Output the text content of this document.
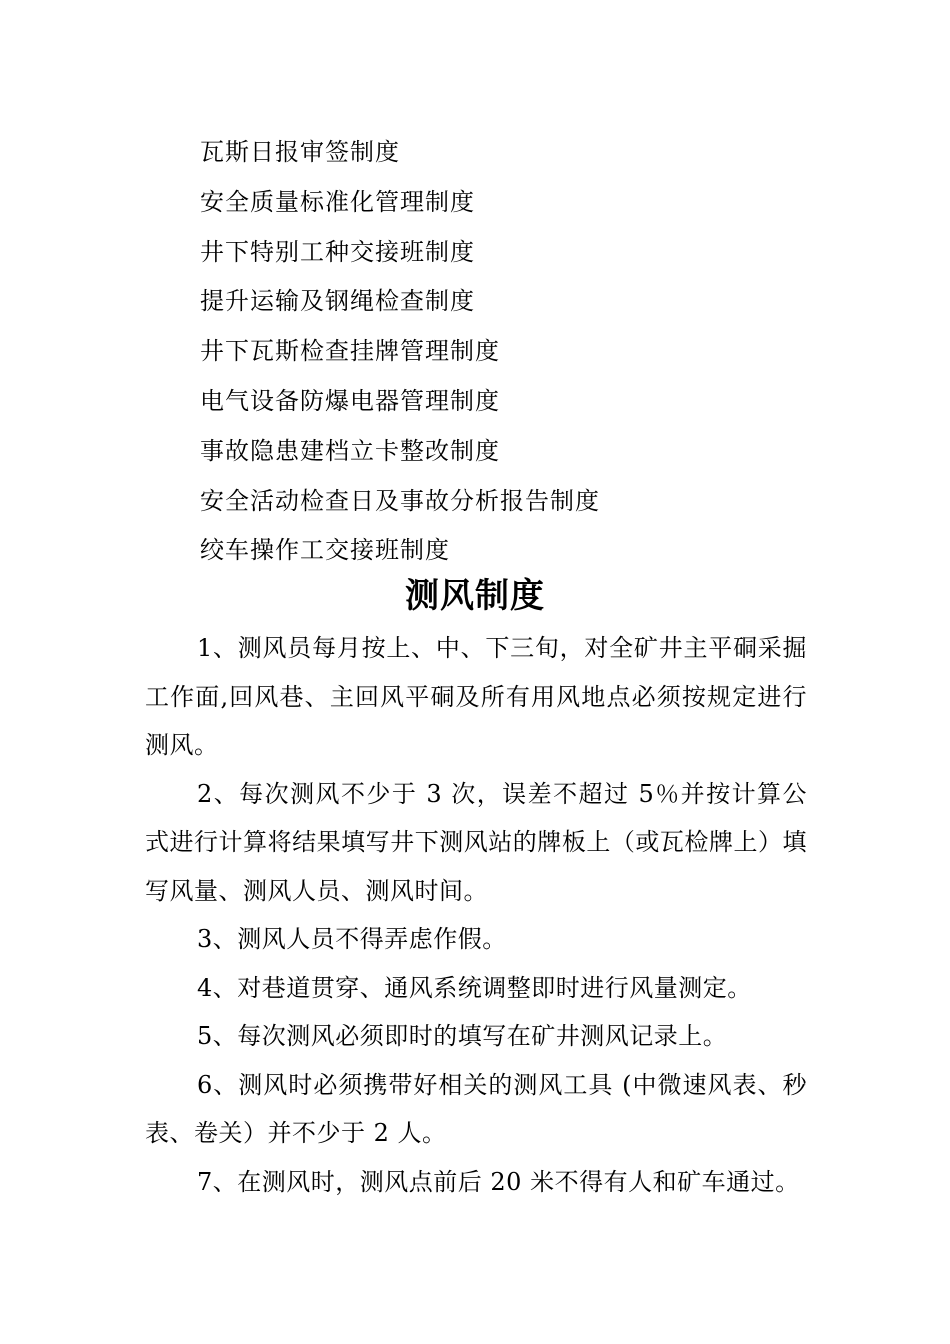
瓦斯日报审签制度
安全质量标准化管理制度
井下特别工种交接班制度
提升运输及钢绳检查制度
井下瓦斯检查挂牌管理制度
电气设备防爆电器管理制度
事故隐患建档立卡整改制度
安全活动检查日及事故分析报告制度
绞车操作工交接班制度
测风制度

1、测风员每月按上、中、下三旬，对全矿井主平硐采掘工作面,回风巷、主回风平硐及所有用风地点必须按规定进行测风。

2、每次测风不少于 3 次，误差不超过 5％并按计算公式进行计算将结果填写井下测风站的牌板上（或瓦检牌上）填写风量、测风人员、测风时间。

3、测风人员不得弄虑作假。

4、对巷道贯穿、通风系统调整即时进行风量测定。

5、每次测风必须即时的填写在矿井测风记录上。

6、测风时必须携带好相关的测风工具 (中微速风表、秒表、卷关）并不少于 2 人。

7、在测风时，测风点前后 20 米不得有人和矿车通过。
